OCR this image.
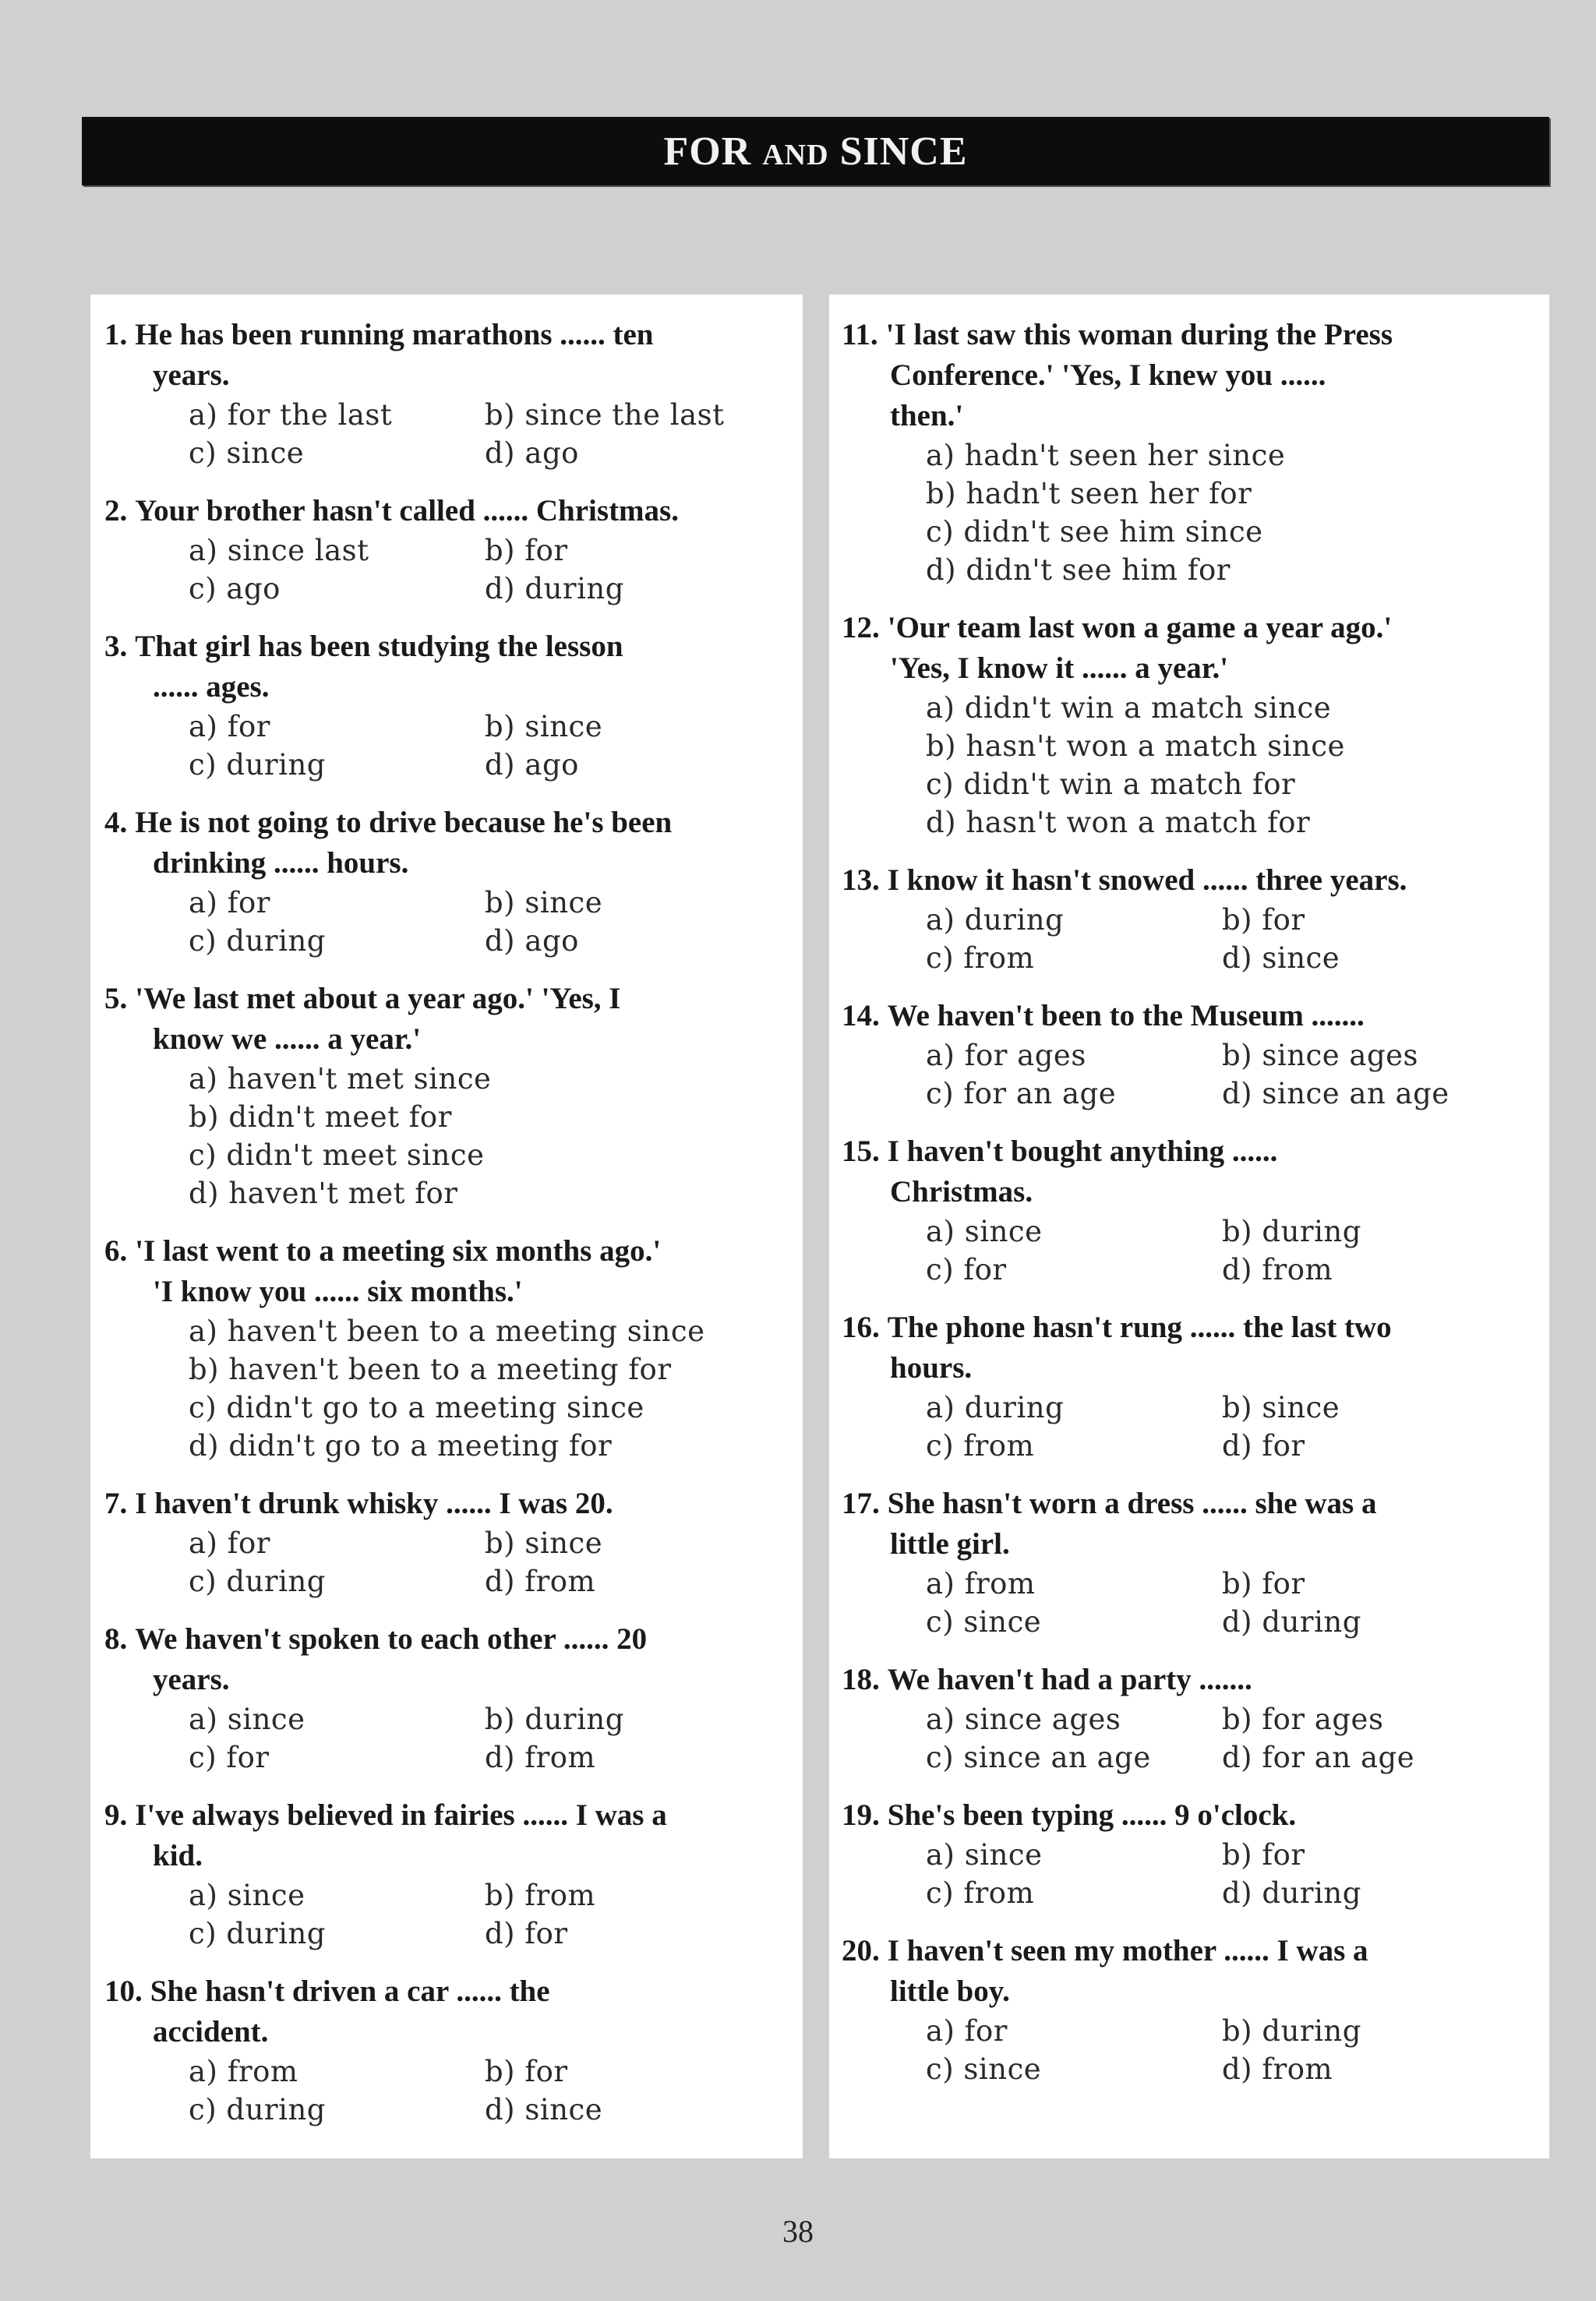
FOR AND SINCE
1. He has been running marathons ...... ten
years.
a) for the last	b) since the last
c) since	d) ago
2. Your brother hasn't called ...... Christmas.
a) since last	b) for
c) ago	d) during
3. That girl has been studying the lesson
...... ages.
a) for	b) since
c) during	d) ago
4. He is not going to drive because he's been
drinking ...... hours.
a) for	b) since
c) during	d) ago
5. 'We last met about a year ago.' 'Yes, I
know we ...... a year.'
a) haven't met since
b) didn't meet for
c) didn't meet since
d) haven't met for
6. 'I last went to a meeting six months ago.'
'I know you ...... six months.'
a) haven't been to a meeting since
b) haven't been to a meeting for
c) didn't go to a meeting since
d) didn't go to a meeting for
7. I haven't drunk whisky ...... I was 20.
a) for	b) since
c) during	d) from
8. We haven't spoken to each other ...... 20
years.
a) since	b) during
c) for	d) from
9. I've always believed in fairies ...... I was a
kid.
a) since	b) from
c) during	d) for
10. She hasn't driven a car ...... the
accident.
a) from	b) for
c) during	d) since
11. 'I last saw this woman during the Press
Conference.' 'Yes, I knew you ......
then.'
a) hadn't seen her since
b) hadn't seen her for
c) didn't see him since
d) didn't see him for
12. 'Our team last won a game a year ago.'
'Yes, I know it ...... a year.'
a) didn't win a match since
b) hasn't won a match since
c) didn't win a match for
d) hasn't won a match for
13. I know it hasn't snowed ...... three years.
a) during	b) for
c) from	d) since
14. We haven't been to the Museum .......
a) for ages	b) since ages
c) for an age	d) since an age
15. I haven't bought anything ......
Christmas.
a) since	b) during
c) for	d) from
16. The phone hasn't rung ...... the last two
hours.
a) during	b) since
c) from	d) for
17. She hasn't worn a dress ...... she was a
little girl.
a) from	b) for
c) since	d) during
18. We haven't had a party .......
a) since ages	b) for ages
c) since an age	d) for an age
19. She's been typing ...... 9 o'clock.
a) since	b) for
c) from	d) during
20. I haven't seen my mother ...... I was a
little boy.
a) for	b) during
c) since	d) from
38
